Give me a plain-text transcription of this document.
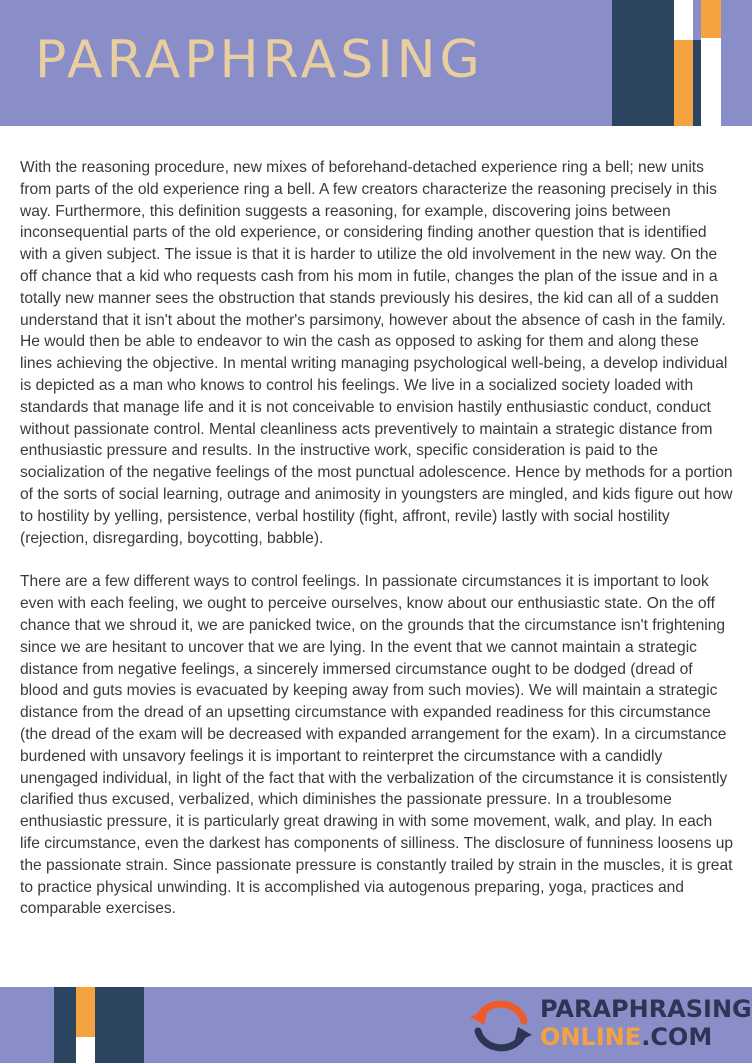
PARAPHRASING

With the reasoning procedure, new mixes of beforehand-detached experience ring a bell; new units from parts of the old experience ring a bell. A few creators characterize the reasoning precisely in this way. Furthermore, this definition suggests a reasoning, for example, discovering joins between inconsequential parts of the old experience, or considering finding another question that is identified with a given subject. The issue is that it is harder to utilize the old involvement in the new way. On the off chance that a kid who requests cash from his mom in futile, changes the plan of the issue and in a totally new manner sees the obstruction that stands previously his desires, the kid can all of a sudden understand that it isn't about the mother's parsimony, however about the absence of cash in the family. He would then be able to endeavor to win the cash as opposed to asking for them and along these lines achieving the objective. In mental writing managing psychological well-being, a develop individual is depicted as a man who knows to control his feelings. We live in a socialized society loaded with standards that manage life and it is not conceivable to envision hastily enthusiastic conduct, conduct without passionate control. Mental cleanliness acts preventively to maintain a strategic distance from enthusiastic pressure and results. In the instructive work, specific consideration is paid to the socialization of the negative feelings of the most punctual adolescence. Hence by methods for a portion of the sorts of social learning, outrage and animosity in youngsters are mingled, and kids figure out how to hostility by yelling, persistence, verbal hostility (fight, affront, revile) lastly with social hostility (rejection, disregarding, boycotting, babble).

There are a few different ways to control feelings. In passionate circumstances it is important to look even with each feeling, we ought to perceive ourselves, know about our enthusiastic state. On the off chance that we shroud it, we are panicked twice, on the grounds that the circumstance isn't frightening since we are hesitant to uncover that we are lying. In the event that we cannot maintain a strategic distance from negative feelings, a sincerely immersed circumstance ought to be dodged (dread of blood and guts movies is evacuated by keeping away from such movies). We will maintain a strategic distance from the dread of an upsetting circumstance with expanded readiness for this circumstance (the dread of the exam will be decreased with expanded arrangement for the exam). In a circumstance burdened with unsavory feelings it is important to reinterpret the circumstance with a candidly unengaged individual, in light of the fact that with the verbalization of the circumstance it is consistently clarified thus excused, verbalized, which diminishes the passionate pressure. In a troublesome enthusiastic pressure, it is particularly great drawing in with some movement, walk, and play. In each life circumstance, even the darkest has components of silliness. The disclosure of funniness loosens up the passionate strain. Since passionate pressure is constantly trailed by strain in the muscles, it is great to practice physical unwinding. It is accomplished via autogenous preparing, yoga, practices and comparable exercises.

PARAPHRASING
ONLINE.COM
